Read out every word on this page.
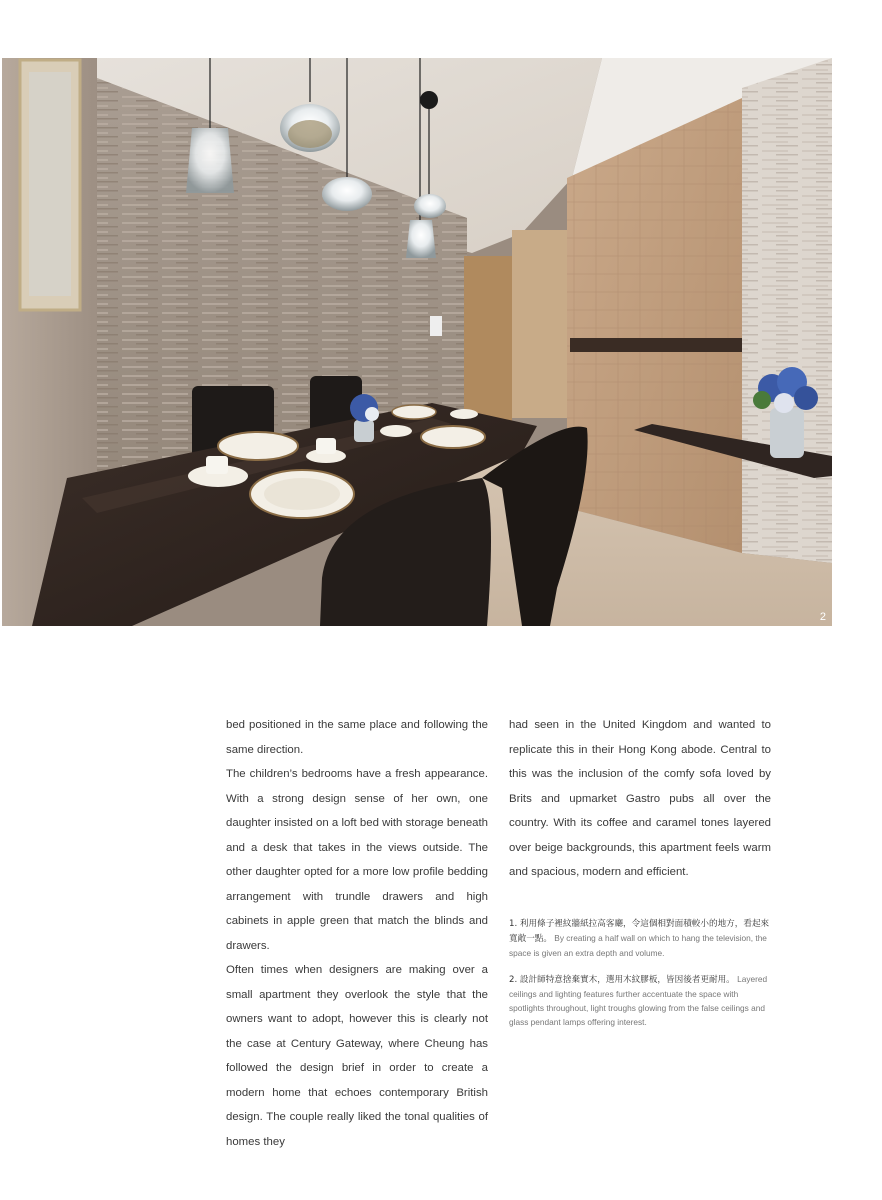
2

bed positioned in the same place and following the same direction.

The children’s bedrooms have a fresh appearance. With a strong design sense of her own, one daughter insisted on a loft bed with storage beneath and a desk that takes in the views outside. The other daughter opted for a more low profile bedding arrangement with trundle drawers and high cabinets in apple green that match the blinds and drawers.

Often times when designers are making over a small apartment they overlook the style that the owners want to adopt, however this is clearly not the case at Century Gateway, where Cheung has followed the design brief in order to create a modern home that echoes contemporary British design. The couple really liked the tonal qualities of homes they

had seen in the United Kingdom and wanted to replicate this in their Hong Kong abode. Central to this was the inclusion of the comfy sofa loved by Brits and upmarket Gastro pubs all over the country. With its coffee and caramel tones layered over beige backgrounds, this apartment feels warm and spacious, modern and efficient.

1. 利用條子裡紋牆紙拉高客廳，令這個相對面積較小的地方，看起來寬敞一點。 By creating a half wall on which to hang the television, the space is given an extra depth and volume.
2. 設計師特意捨棄實木，選用木紋膠板，皆因後者更耐用。 Layered ceilings and lighting features further accentuate the space with spotlights throughout, light troughs glowing from the false ceilings and glass pendant lamps offering interest.
